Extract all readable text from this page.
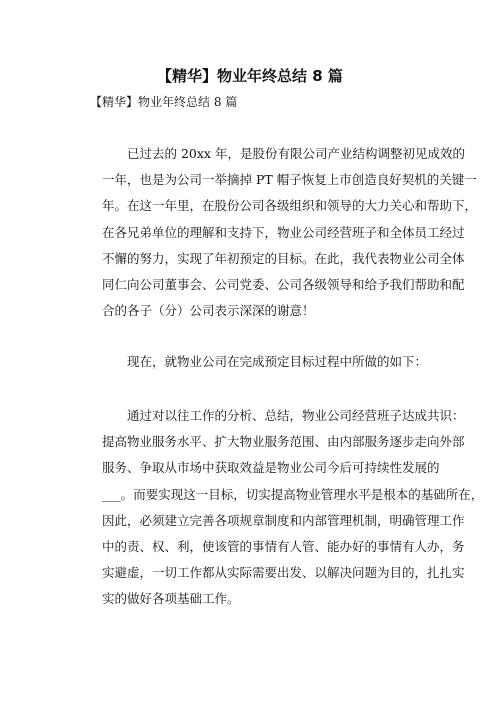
【精华】物业年终总结 8 篇

【精华】物业年终总结 8 篇

已过去的 20xx 年，是股份有限公司产业结构调整初见成效的
一年，也是为公司一举摘掉 PT 帽子恢复上市创造良好契机的关键一
年。在这一年里，在股份公司各级组织和领导的大力关心和帮助下，
在各兄弟单位的理解和支持下，物业公司经营班子和全体员工经过
不懈的努力，实现了年初预定的目标。在此，我代表物业公司全体
同仁向公司董事会、公司党委、公司各级领导和给予我们帮助和配
合的各子（分）公司表示深深的谢意！

现在，就物业公司在完成预定目标过程中所做的如下：

通过对以往工作的分析、总结，物业公司经营班子达成共识：
提高物业服务水平、扩大物业服务范围、由内部服务逐步走向外部
服务、争取从市场中获取效益是物业公司今后可持续性发展的
___。而要实现这一目标，切实提高物业管理水平是根本的基础所在，
因此，必须建立完善各项规章制度和内部管理机制，明确管理工作
中的责、权、利，使该管的事情有人管、能办好的事情有人办，务
实避虚，一切工作都从实际需要出发、以解决问题为目的，扎扎实
实的做好各项基础工作。
